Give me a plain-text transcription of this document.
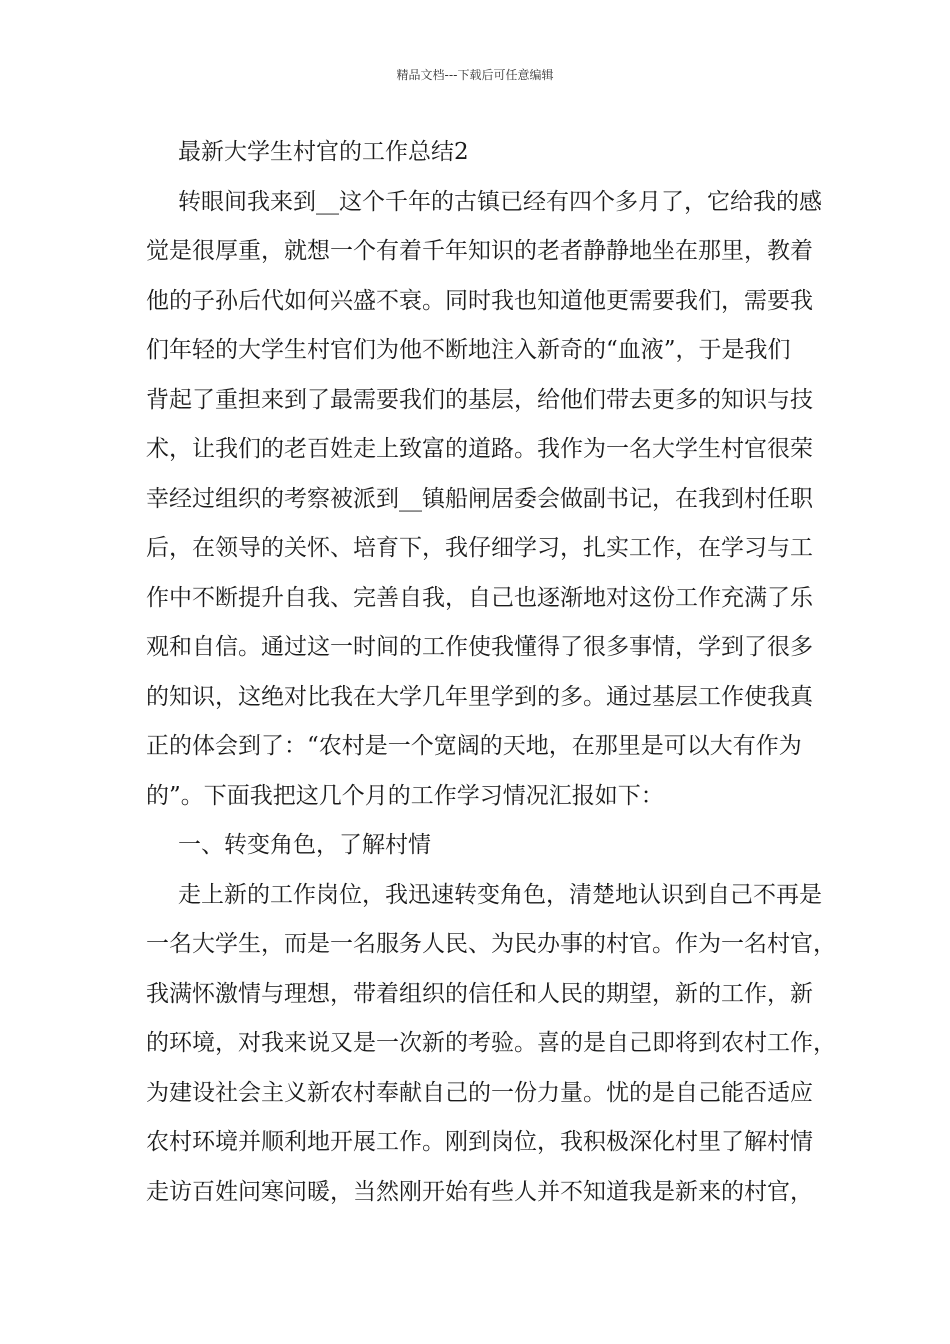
精品文档---下载后可任意编辑
最新大学生村官的工作总结2
转眼间我来到__这个千年的古镇已经有四个多月了，它给我的感
觉是很厚重，就想一个有着千年知识的老者静静地坐在那里，教着
他的子孙后代如何兴盛不衰。同时我也知道他更需要我们，需要我
们年轻的大学生村官们为他不断地注入新奇的“血液”，于是我们
背起了重担来到了最需要我们的基层，给他们带去更多的知识与技
术，让我们的老百姓走上致富的道路。我作为一名大学生村官很荣
幸经过组织的考察被派到__镇船闸居委会做副书记，在我到村任职
后，在领导的关怀、培育下，我仔细学习，扎实工作，在学习与工
作中不断提升自我、完善自我，自己也逐渐地对这份工作充满了乐
观和自信。通过这一时间的工作使我懂得了很多事情，学到了很多
的知识，这绝对比我在大学几年里学到的多。通过基层工作使我真
正的体会到了：“农村是一个宽阔的天地，在那里是可以大有作为
的”。下面我把这几个月的工作学习情况汇报如下：
一、转变角色，了解村情
走上新的工作岗位，我迅速转变角色，清楚地认识到自己不再是
一名大学生，而是一名服务人民、为民办事的村官。作为一名村官，
我满怀激情与理想，带着组织的信任和人民的期望，新的工作，新
的环境，对我来说又是一次新的考验。喜的是自己即将到农村工作，
为建设社会主义新农村奉献自己的一份力量。忧的是自己能否适应
农村环境并顺利地开展工作。刚到岗位，我积极深化村里了解村情
走访百姓问寒问暖，当然刚开始有些人并不知道我是新来的村官，
